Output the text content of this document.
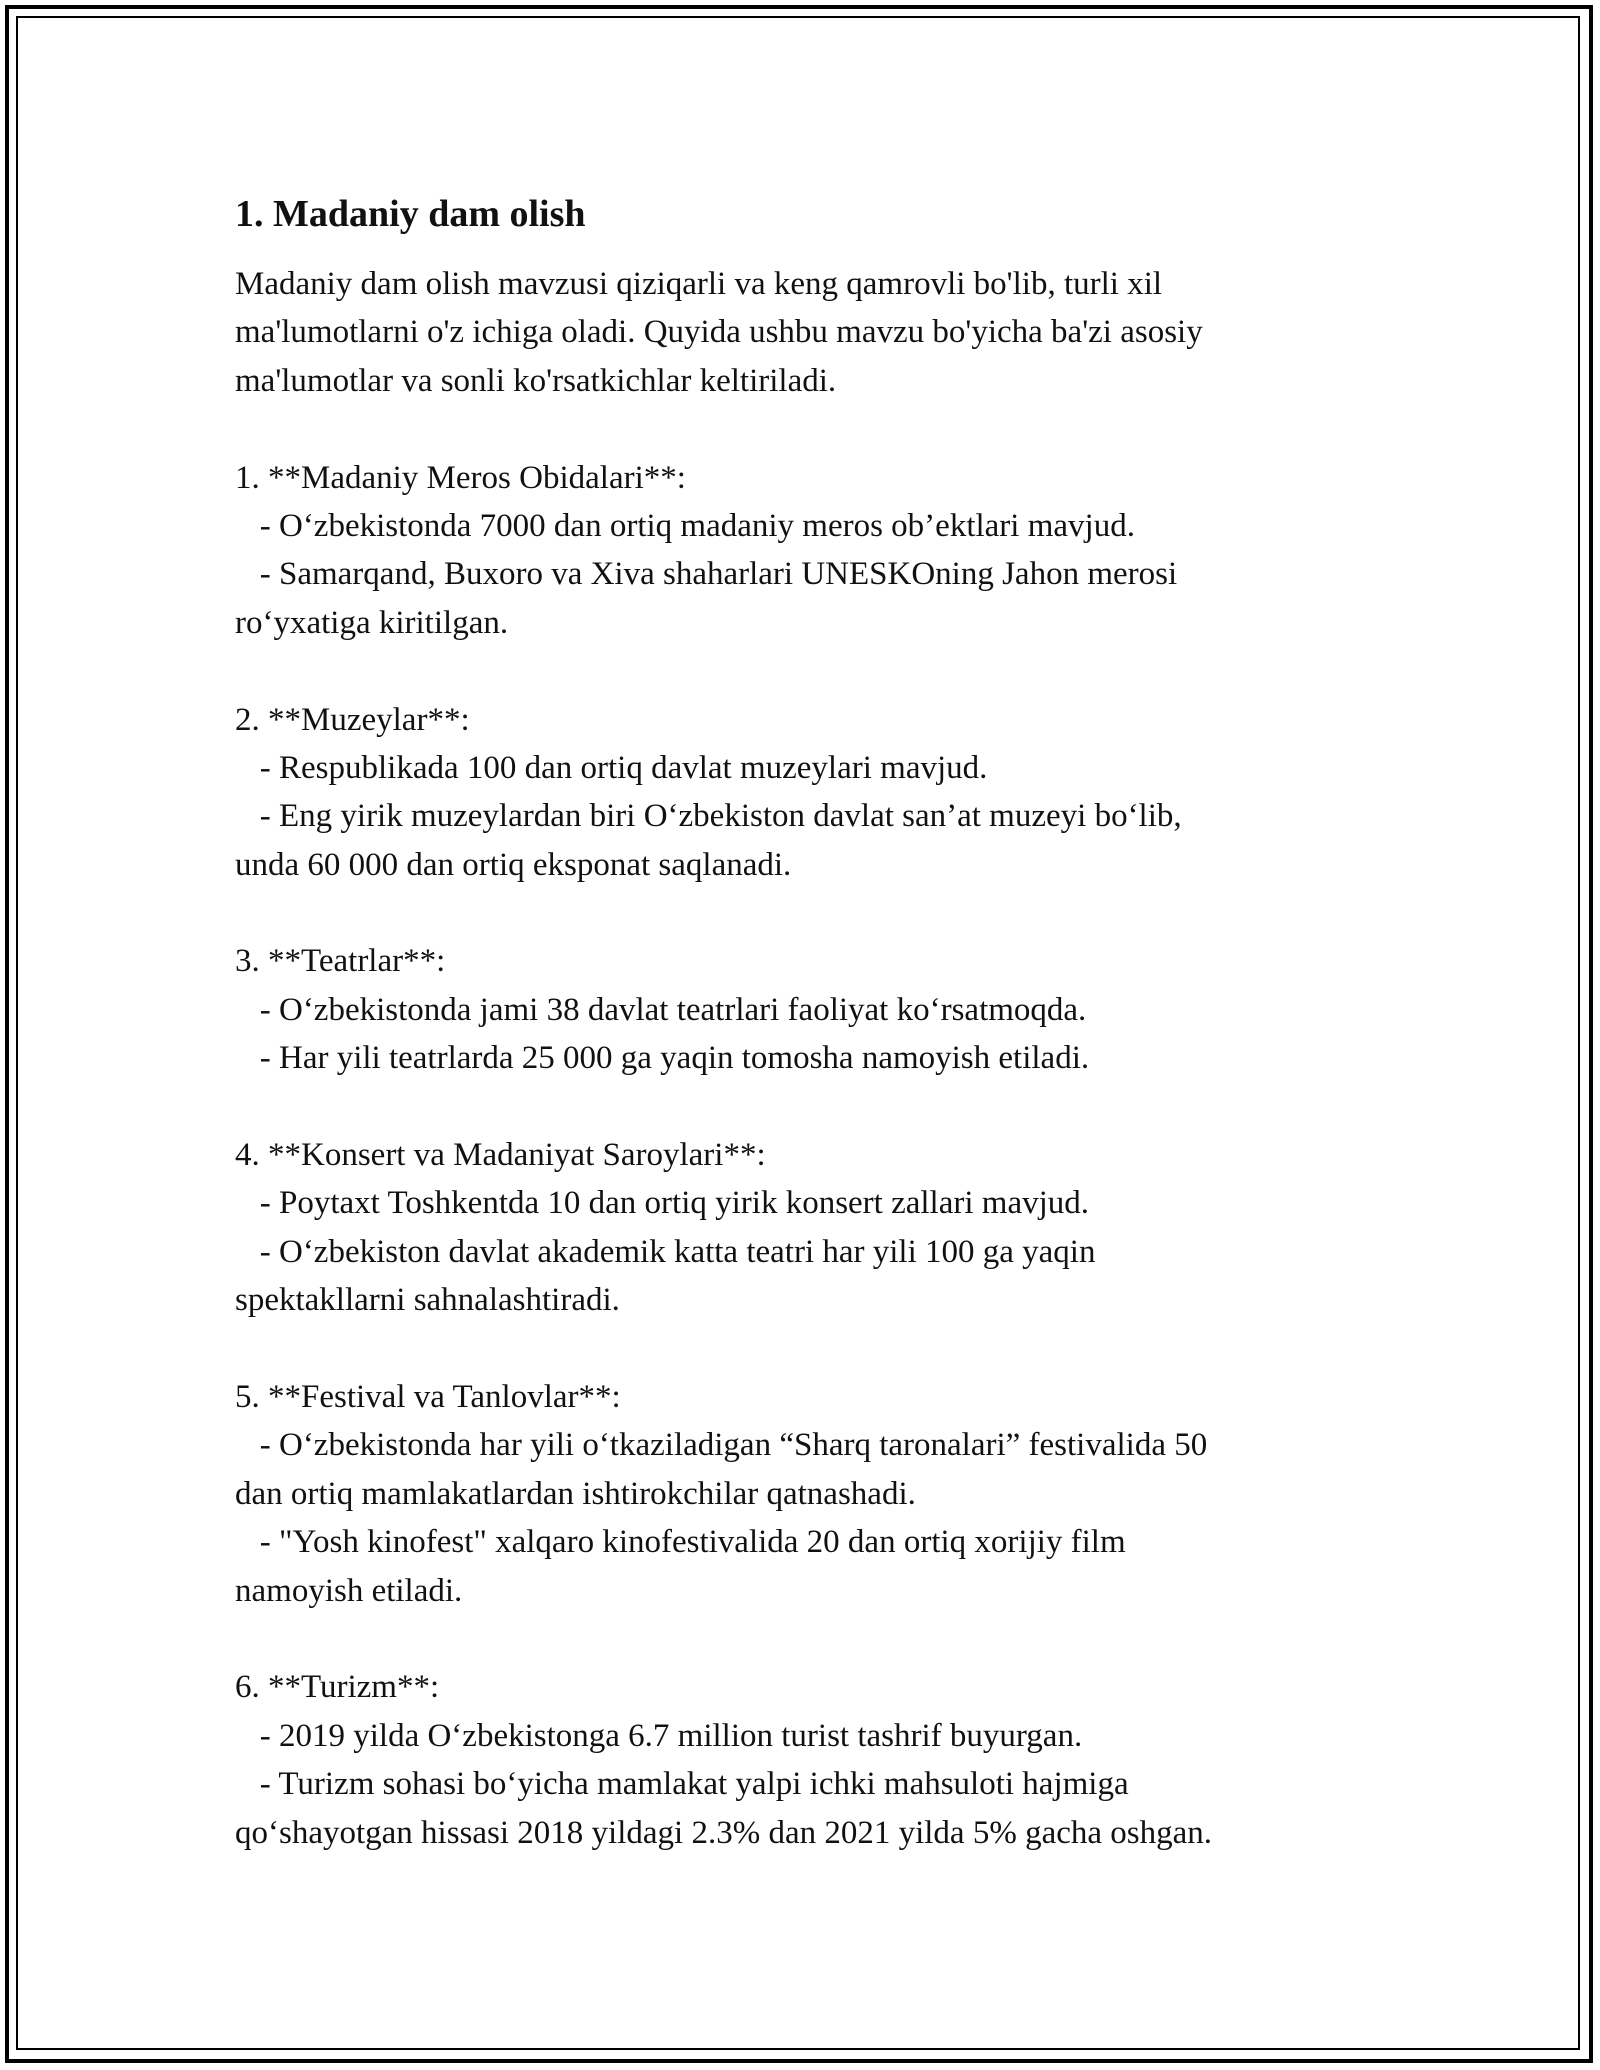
1. Madaniy dam olish
Madaniy dam olish mavzusi qiziqarli va keng qamrovli bo'lib, turli xil
ma'lumotlarni o'z ichiga oladi. Quyida ushbu mavzu bo'yicha ba'zi asosiy
ma'lumotlar va sonli ko'rsatkichlar keltiriladi.
1. **Madaniy Meros Obidalari**:
- O‘zbekistonda 7000 dan ortiq madaniy meros ob’ektlari mavjud.
- Samarqand, Buxoro va Xiva shaharlari UNESKOning Jahon merosi
ro‘yxatiga kiritilgan.
2. **Muzeylar**:
- Respublikada 100 dan ortiq davlat muzeylari mavjud.
- Eng yirik muzeylardan biri O‘zbekiston davlat san’at muzeyi bo‘lib,
unda 60 000 dan ortiq eksponat saqlanadi.
3. **Teatrlar**:
- O‘zbekistonda jami 38 davlat teatrlari faoliyat ko‘rsatmoqda.
- Har yili teatrlarda 25 000 ga yaqin tomosha namoyish etiladi.
4. **Konsert va Madaniyat Saroylari**:
- Poytaxt Toshkentda 10 dan ortiq yirik konsert zallari mavjud.
- O‘zbekiston davlat akademik katta teatri har yili 100 ga yaqin
spektakllarni sahnalashtiradi.
5. **Festival va Tanlovlar**:
- O‘zbekistonda har yili o‘tkaziladigan “Sharq taronalari” festivalida 50
dan ortiq mamlakatlardan ishtirokchilar qatnashadi.
- "Yosh kinofest" xalqaro kinofestivalida 20 dan ortiq xorijiy film
namoyish etiladi.
6. **Turizm**:
- 2019 yilda O‘zbekistonga 6.7 million turist tashrif buyurgan.
- Turizm sohasi bo‘yicha mamlakat yalpi ichki mahsuloti hajmiga
qo‘shayotgan hissasi 2018 yildagi 2.3% dan 2021 yilda 5% gacha oshgan.
